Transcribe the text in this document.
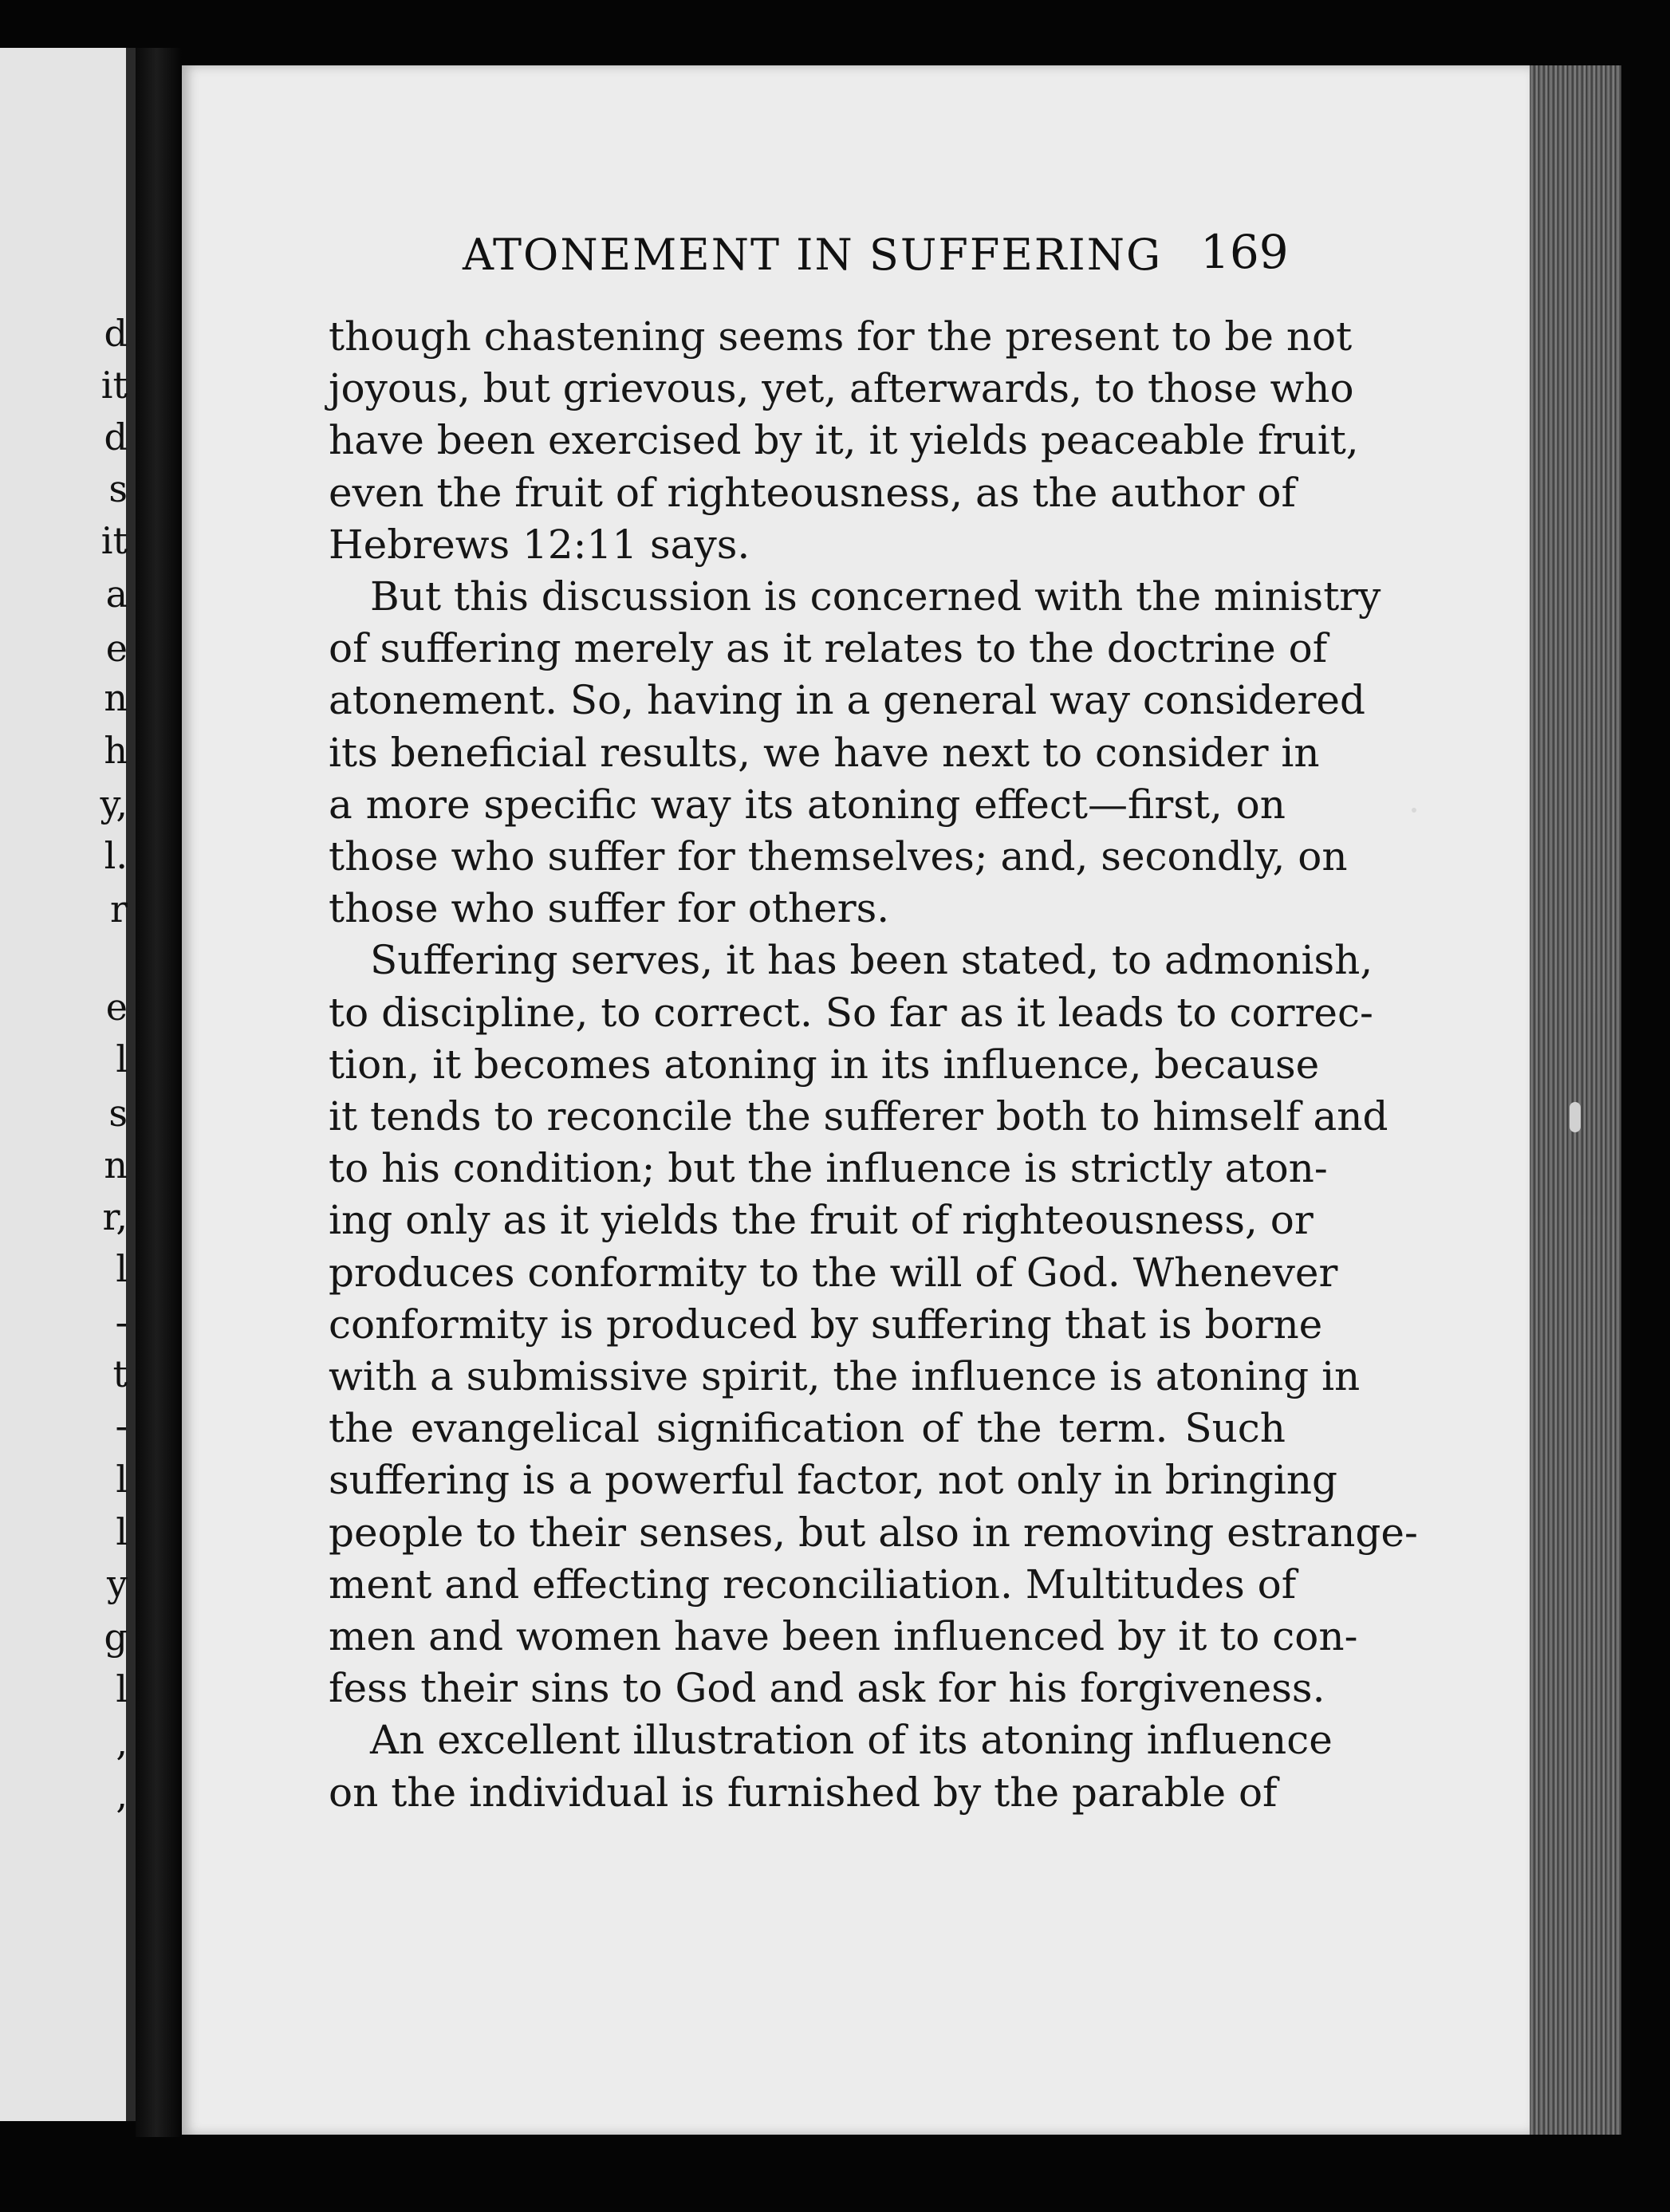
d
it
d
s
it
a
e
n
h
y,
l.
r
e
l
s
n
r,
l
-
t
-
l
l
y
g
l
,
,
ATONEMENT IN SUFFERING 169

though chastening seems for the present to be not
joyous, but grievous, yet, afterwards, to those who
have been exercised by it, it yields peaceable fruit,
even the fruit of righteousness, as the author of
Hebrews 12:11 says.

But this discussion is concerned with the ministry
of suffering merely as it relates to the doctrine of
atonement. So, having in a general way considered
its beneficial results, we have next to consider in
a more specific way its atoning effect—first, on
those who suffer for themselves; and, secondly, on
those who suffer for others.

Suffering serves, it has been stated, to admonish,
to discipline, to correct. So far as it leads to correc-
tion, it becomes atoning in its influence, because
it tends to reconcile the sufferer both to himself and
to his condition; but the influence is strictly aton-
ing only as it yields the fruit of righteousness, or
produces conformity to the will of God. Whenever
conformity is produced by suffering that is borne
with a submissive spirit, the influence is atoning in
the evangelical signification of the term. Such
suffering is a powerful factor, not only in bringing
people to their senses, but also in removing estrange-
ment and effecting reconciliation. Multitudes of
men and women have been influenced by it to con-
fess their sins to God and ask for his forgiveness.

An excellent illustration of its atoning influence
on the individual is furnished by the parable of
